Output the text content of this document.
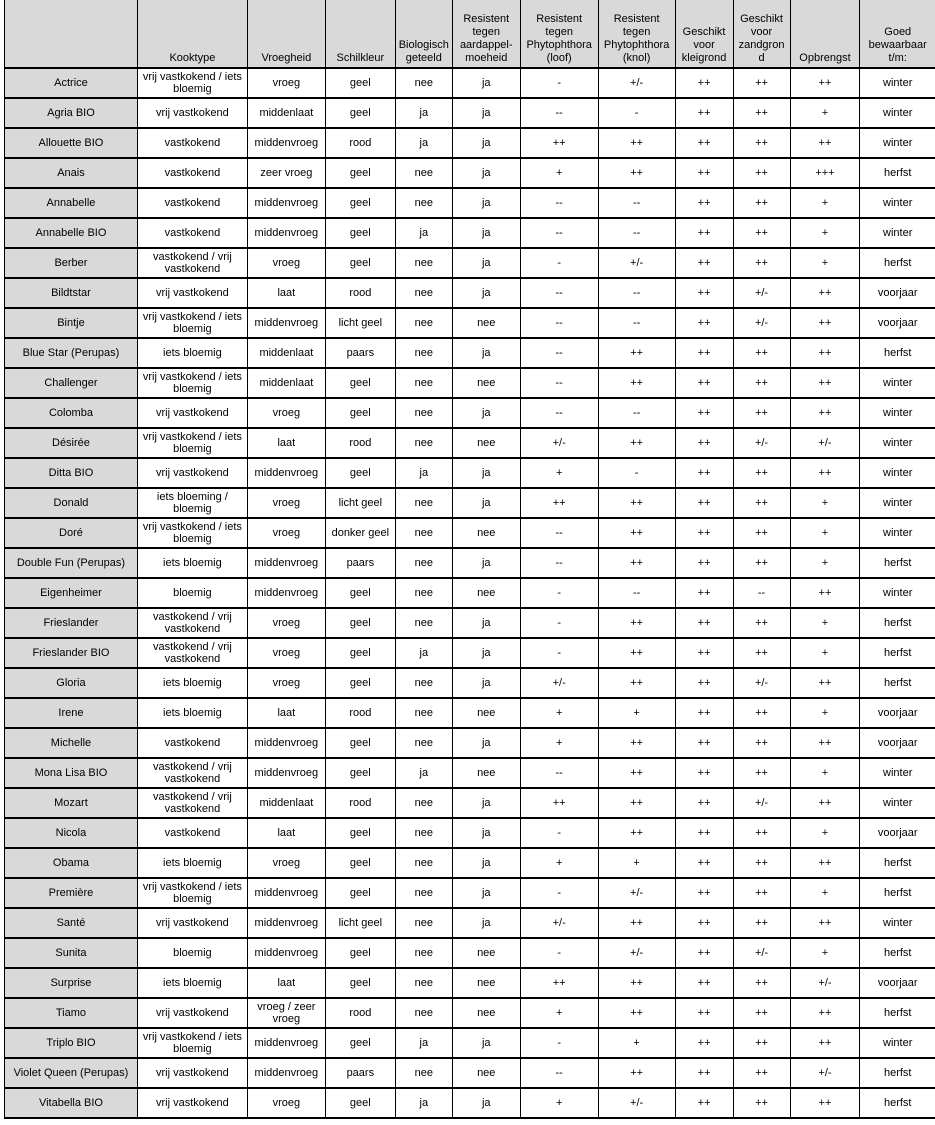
	Kooktype	Vroegheid	Schilkleur	Biologisch geteeld	Resistent tegen aardappel-moeheid	Resistent tegen Phytophthora (loof)	Resistent tegen Phytophthora (knol)	Geschikt voor kleigrond	Geschikt voor zandgrond	Opbrengst	Goed bewaarbaar t/m:
Actrice	vrij vastkokend / iets bloemig	vroeg	geel	nee	ja	-	+/-	++	++	++	winter
Agria BIO	vrij vastkokend	middenlaat	geel	ja	ja	--	-	++	++	+	winter
Allouette BIO	vastkokend	middenvroeg	rood	ja	ja	++	++	++	++	++	winter
Anais	vastkokend	zeer vroeg	geel	nee	ja	+	++	++	++	+++	herfst
Annabelle	vastkokend	middenvroeg	geel	nee	ja	--	--	++	++	+	winter
Annabelle BIO	vastkokend	middenvroeg	geel	ja	ja	--	--	++	++	+	winter
Berber	vastkokend / vrij vastkokend	vroeg	geel	nee	ja	-	+/-	++	++	+	herfst
Bildtstar	vrij vastkokend	laat	rood	nee	ja	--	--	++	+/-	++	voorjaar
Bintje	vrij vastkokend / iets bloemig	middenvroeg	licht geel	nee	nee	--	--	++	+/-	++	voorjaar
Blue Star (Perupas)	iets bloemig	middenlaat	paars	nee	ja	--	++	++	++	++	herfst
Challenger	vrij vastkokend / iets bloemig	middenlaat	geel	nee	nee	--	++	++	++	++	winter
Colomba	vrij vastkokend	vroeg	geel	nee	ja	--	--	++	++	++	winter
Désirée	vrij vastkokend / iets bloemig	laat	rood	nee	nee	+/-	++	++	+/-	+/-	winter
Ditta BIO	vrij vastkokend	middenvroeg	geel	ja	ja	+	-	++	++	++	winter
Donald	iets bloeming / bloemig	vroeg	licht geel	nee	ja	++	++	++	++	+	winter
Doré	vrij vastkokend / iets bloemig	vroeg	donker geel	nee	nee	--	++	++	++	+	winter
Double Fun (Perupas)	iets bloemig	middenvroeg	paars	nee	ja	--	++	++	++	+	herfst
Eigenheimer	bloemig	middenvroeg	geel	nee	nee	-	--	++	--	++	winter
Frieslander	vastkokend / vrij vastkokend	vroeg	geel	nee	ja	-	++	++	++	+	herfst
Frieslander BIO	vastkokend / vrij vastkokend	vroeg	geel	ja	ja	-	++	++	++	+	herfst
Gloria	iets bloemig	vroeg	geel	nee	ja	+/-	++	++	+/-	++	herfst
Irene	iets bloemig	laat	rood	nee	nee	+	+	++	++	+	voorjaar
Michelle	vastkokend	middenvroeg	geel	nee	ja	+	++	++	++	++	voorjaar
Mona Lisa BIO	vastkokend / vrij vastkokend	middenvroeg	geel	ja	nee	--	++	++	++	+	winter
Mozart	vastkokend / vrij vastkokend	middenlaat	rood	nee	ja	++	++	++	+/-	++	winter
Nicola	vastkokend	laat	geel	nee	ja	-	++	++	++	+	voorjaar
Obama	iets bloemig	vroeg	geel	nee	ja	+	+	++	++	++	herfst
Première	vrij vastkokend / iets bloemig	middenvroeg	geel	nee	ja	-	+/-	++	++	+	herfst
Santé	vrij vastkokend	middenvroeg	licht geel	nee	ja	+/-	++	++	++	++	winter
Sunita	bloemig	middenvroeg	geel	nee	nee	-	+/-	++	+/-	+	herfst
Surprise	iets bloemig	laat	geel	nee	nee	++	++	++	++	+/-	voorjaar
Tiamo	vrij vastkokend	vroeg / zeer vroeg	rood	nee	nee	+	++	++	++	++	herfst
Triplo BIO	vrij vastkokend / iets bloemig	middenvroeg	geel	ja	ja	-	+	++	++	++	winter
Violet Queen (Perupas)	vrij vastkokend	middenvroeg	paars	nee	nee	--	++	++	++	+/-	herfst
Vitabella BIO	vrij vastkokend	vroeg	geel	ja	ja	+	+/-	++	++	++	herfst
